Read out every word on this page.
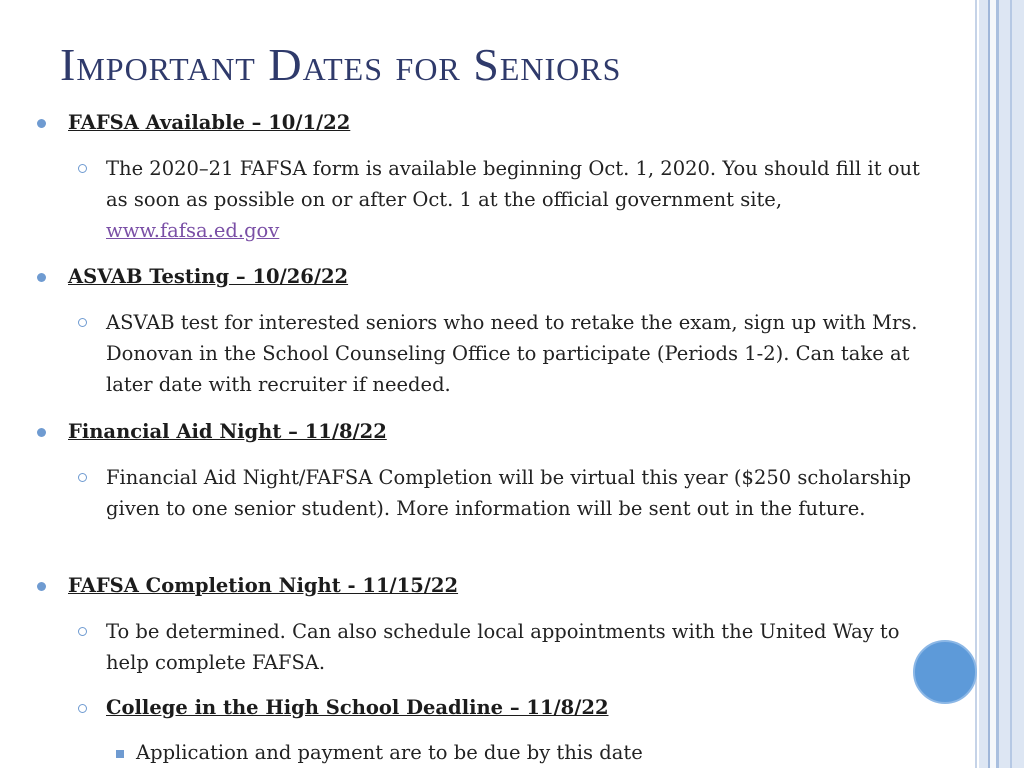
Important Dates for Seniors
FAFSA Available – 10/1/22
The 2020–21 FAFSA form is available beginning Oct. 1, 2020. You should fill it out as soon as possible on or after Oct. 1 at the official government site,
www.fafsa.ed.gov
ASVAB Testing – 10/26/22
ASVAB test for interested seniors who need to retake the exam, sign up with Mrs. Donovan in the School Counseling Office to participate (Periods 1-2). Can take at later date with recruiter if needed.
Financial Aid Night – 11/8/22
Financial Aid Night/FAFSA Completion will be virtual this year ($250 scholarship given to one senior student). More information will be sent out in the future.
FAFSA Completion Night - 11/15/22
To be determined. Can also schedule local appointments with the United Way to help complete FAFSA.
College in the High School Deadline – 11/8/22
Application and payment are to be due by this date
